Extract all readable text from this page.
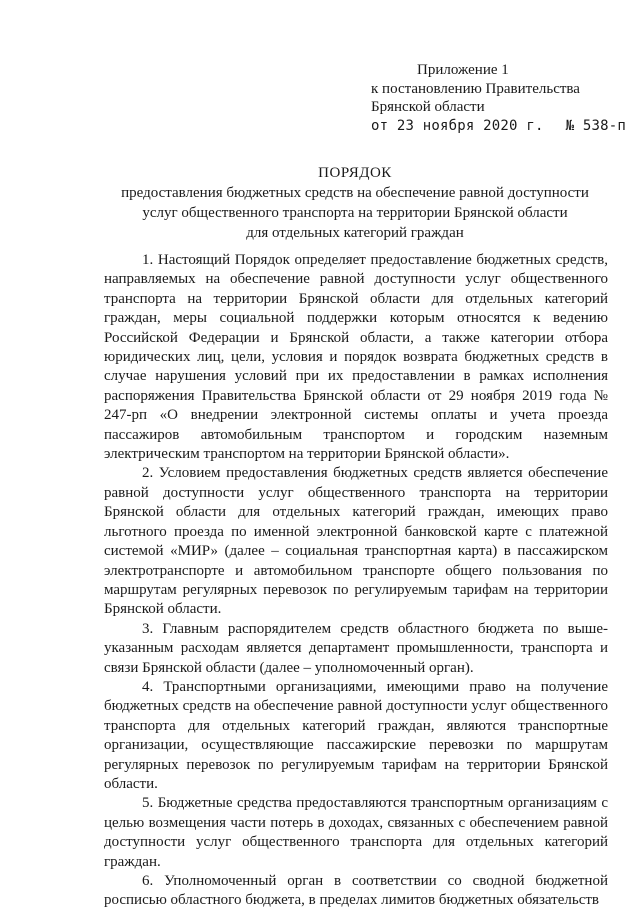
Приложение 1
к постановлению Правительства
Брянской области
от 23 ноября 2020 г. № 538-п
ПОРЯДОК
предоставления бюджетных средств на обеспечение равной доступности
услуг общественного транспорта на территории Брянской области
для отдельных категорий граждан

1. Настоящий Порядок определяет предоставление бюджетных средств, направляемых на обеспечение равной доступности услуг общественного транспорта на территории Брянской области для отдельных категорий граждан, меры социальной поддержки которым относятся к ведению Российской Федерации и Брянской области, а также категории отбора юридических лиц, цели, условия и порядок возврата бюджетных средств в случае нарушения условий при их предоставлении в рамках исполнения распоряжения Правительства Брянской области от 29 ноября 2019 года № 247-рп «О внедрении электронной системы оплаты и учета проезда пассажиров автомобильным транспортом и городским наземным электрическим транспортом на территории Брянской области».

2. Условием предоставления бюджетных средств является обеспечение равной доступности услуг общественного транспорта на территории Брянской области для отдельных категорий граждан, имеющих право льготного проезда по именной электронной банковской карте с платежной системой «МИР» (далее – социальная транспортная карта) в пассажирском электротранспорте и автомобильном транспорте общего пользования по маршрутам регулярных перевозок по регулируемым тарифам на территории Брянской области.

3. Главным распорядителем средств областного бюджета по вышеуказанным расходам является департамент промышленности, транспорта и связи Брянской области (далее – уполномоченный орган).

4. Транспортными организациями, имеющими право на получение бюджетных средств на обеспечение равной доступности услуг общественного транспорта для отдельных категорий граждан, являются транспортные организации, осуществляющие пассажирские перевозки по маршрутам регулярных перевозок по регулируемым тарифам на территории Брянской области.

5. Бюджетные средства предоставляются транспортным организациям с целью возмещения части потерь в доходах, связанных с обеспечением равной доступности услуг общественного транспорта для отдельных категорий граждан.

6. Уполномоченный орган в соответствии со сводной бюджетной росписью областного бюджета, в пределах лимитов бюджетных обязательств
